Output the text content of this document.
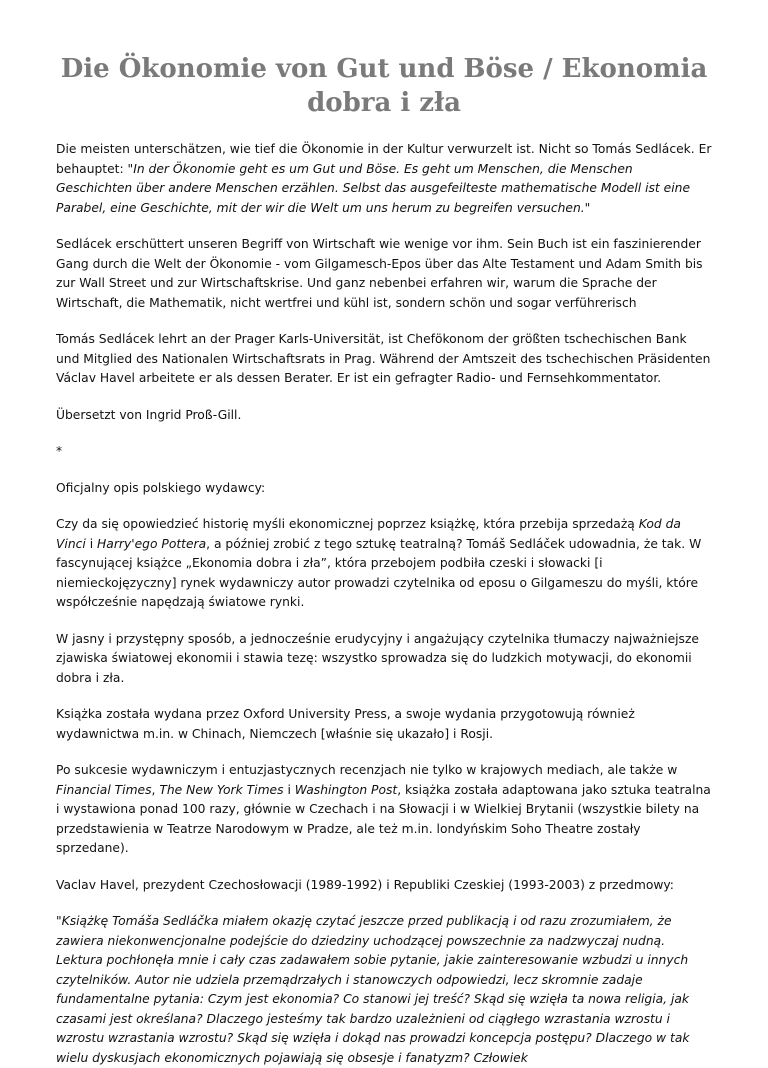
Die Ökonomie von Gut und Böse / Ekonomia dobra i zła

Die meisten unterschätzen, wie tief die Ökonomie in der Kultur verwurzelt ist. Nicht so Tomás Sedlácek. Er behauptet: "In der Ökonomie geht es um Gut und Böse. Es geht um Menschen, die Menschen Geschichten über andere Menschen erzählen. Selbst das ausgefeilteste mathematische Modell ist eine Parabel, eine Geschichte, mit der wir die Welt um uns herum zu begreifen versuchen."

Sedlácek erschüttert unseren Begriff von Wirtschaft wie wenige vor ihm. Sein Buch ist ein faszinierender Gang durch die Welt der Ökonomie - vom Gilgamesch-Epos über das Alte Testament und Adam Smith bis zur Wall Street und zur Wirtschaftskrise. Und ganz nebenbei erfahren wir, warum die Sprache der Wirtschaft, die Mathematik, nicht wertfrei und kühl ist, sondern schön und sogar verführerisch

Tomás Sedlácek lehrt an der Prager Karls-Universität, ist Chefökonom der größten tschechischen Bank und Mitglied des Nationalen Wirtschaftsrats in Prag. Während der Amtszeit des tschechischen Präsidenten Václav Havel arbeitete er als dessen Berater. Er ist ein gefragter Radio- und Fernsehkommentator.

Übersetzt von Ingrid Proß-Gill.

*

Oficjalny opis polskiego wydawcy:

Czy da się opowiedzieć historię myśli ekonomicznej poprzez książkę, która przebija sprzedażą Kod da Vinci i Harry'ego Pottera, a później zrobić z tego sztukę teatralną? Tomáš Sedláček udowadnia, że tak. W fascynującej książce „Ekonomia dobra i zła”, która przebojem podbiła czeski i słowacki [i niemieckojęzyczny] rynek wydawniczy autor prowadzi czytelnika od eposu o Gilgameszu do myśli, które współcześnie napędzają światowe rynki.

W jasny i przystępny sposób, a jednocześnie erudycyjny i angażujący czytelnika tłumaczy najważniejsze zjawiska światowej ekonomii i stawia tezę: wszystko sprowadza się do ludzkich motywacji, do ekonomii dobra i zła.

Książka została wydana przez Oxford University Press, a swoje wydania przygotowują również wydawnictwa m.in. w Chinach, Niemczech [właśnie się ukazało] i Rosji.

Po sukcesie wydawniczym i entuzjastycznych recenzjach nie tylko w krajowych mediach, ale także w Financial Times, The New York Times i Washington Post, książka została adaptowana jako sztuka teatralna i wystawiona ponad 100 razy, głównie w Czechach i na Słowacji i w Wielkiej Brytanii (wszystkie bilety na przedstawienia w Teatrze Narodowym w Pradze, ale też m.in. londyńskim Soho Theatre zostały sprzedane).

Vaclav Havel, prezydent Czechosłowacji (1989-1992) i Republiki Czeskiej (1993-2003) z przedmowy:

"Książkę Tomáša Sedláčka miałem okazję czytać jeszcze przed publikacją i od razu zrozumiałem, że zawiera niekonwencjonalne podejście do dziedziny uchodzącej powszechnie za nadzwyczaj nudną. Lektura pochłonęła mnie i cały czas zadawałem sobie pytanie, jakie zainteresowanie wzbudzi u innych czytelników. Autor nie udziela przemądrzałych i stanowczych odpowiedzi, lecz skromnie zadaje fundamentalne pytania: Czym jest ekonomia? Co stanowi jej treść? Skąd się wzięła ta nowa religia, jak czasami jest określana? Dlaczego jesteśmy tak bardzo uzależnieni od ciągłego wzrastania wzrostu i wzrostu wzrastania wzrostu? Skąd się wzięła i dokąd nas prowadzi koncepcja postępu? Dlaczego w tak wielu dyskusjach ekonomicznych pojawiają się obsesje i fanatyzm? Człowiek
